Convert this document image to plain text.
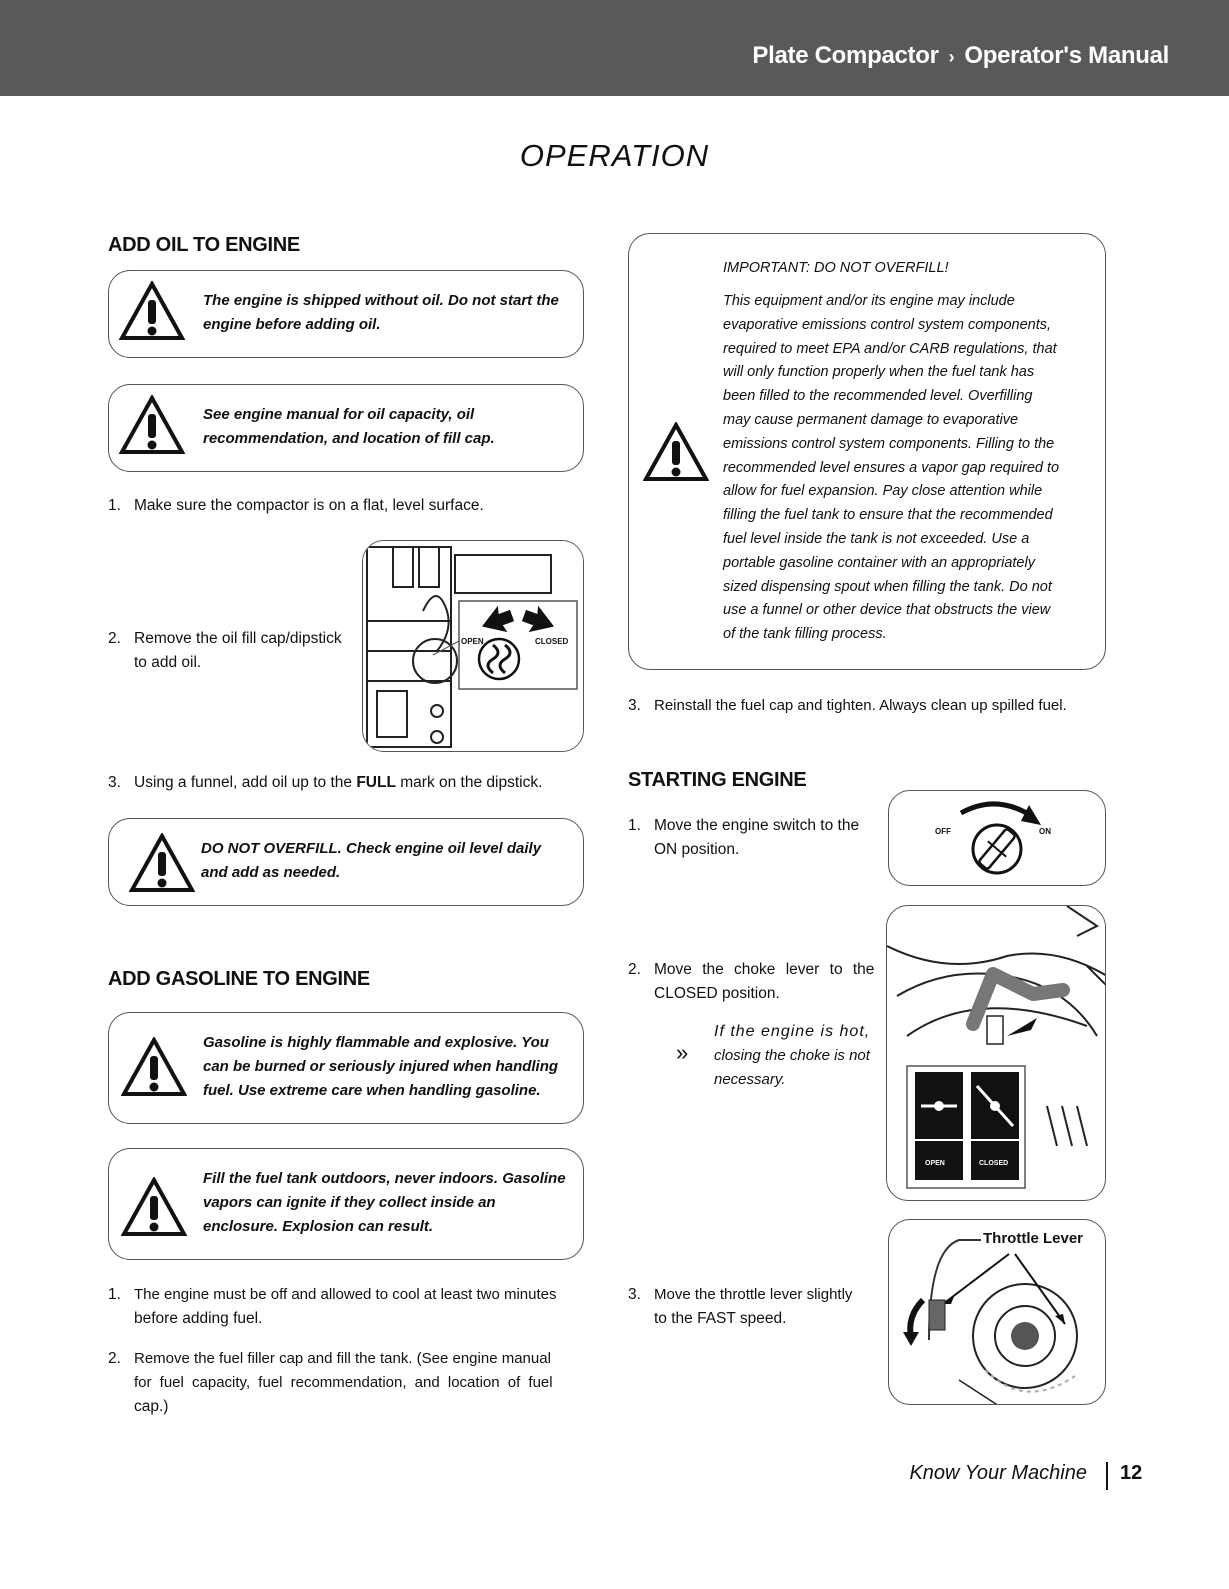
Plate Compactor › Operator's Manual
OPERATION
ADD OIL TO ENGINE
The engine is shipped without oil. Do not start the engine before adding oil.
See engine manual for oil capacity, oil recommendation, and location of fill cap.
1. Make sure the compactor is on a flat, level surface.
2. Remove the oil fill cap/dipstick
to add oil.
OPEN	CLOSED
3. Using a funnel, add oil up to the FULL mark on the dipstick.
DO NOT OVERFILL. Check engine oil level daily and add as needed.
ADD GASOLINE TO ENGINE
Gasoline is highly flammable and explosive. You can be burned or seriously injured when handling fuel. Use extreme care when handling gasoline.
Fill the fuel tank outdoors, never indoors. Gasoline vapors can ignite if they collect inside an enclosure. Explosion can result.
1. The engine must be off and allowed to cool at least two minutes
before adding fuel.
2. Remove the fuel filler cap and fill the tank. (See engine manual
for fuel capacity, fuel recommendation, and location of fuel
cap.)
IMPORTANT: DO NOT OVERFILL!
This equipment and/or its engine may include
evaporative emissions control system components,
required to meet EPA and/or CARB regulations, that
will only function properly when the fuel tank has
been filled to the recommended level. Overfilling
may cause permanent damage to evaporative
emissions control system components. Filling to the
recommended level ensures a vapor gap required to
allow for fuel expansion. Pay close attention while
filling the fuel tank to ensure that the recommended
fuel level inside the tank is not exceeded. Use a
portable gasoline container with an appropriately
sized dispensing spout when filling the tank. Do not
use a funnel or other device that obstructs the view
of the tank filling process.
3. Reinstall the fuel cap and tighten. Always clean up spilled fuel.
STARTING ENGINE
1. Move the engine switch to the
ON position.
OFF	ON
2. Move the choke lever to the
CLOSED position.
»
If the engine is hot,
closing the choke is not
necessary.
OPEN	CLOSED
3. Move the throttle lever slightly
to the FAST speed.
Throttle Lever
Know Your Machine 12
